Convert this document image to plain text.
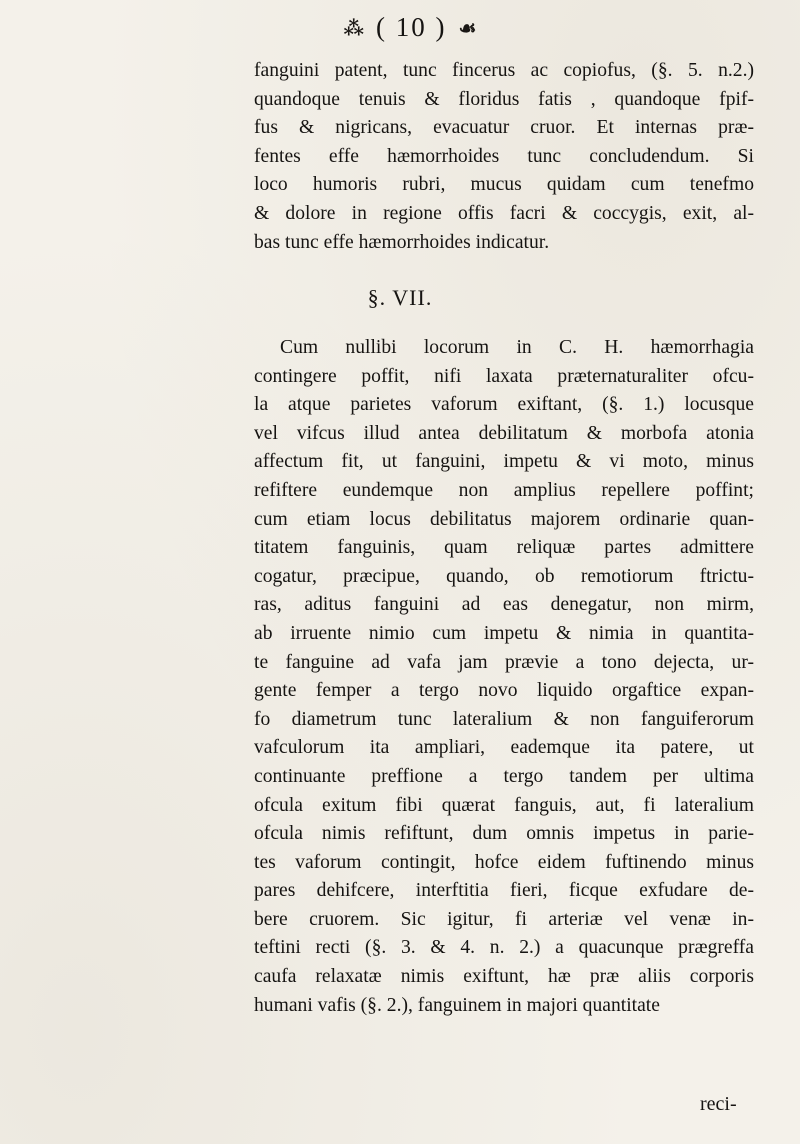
⁂ ( 10 ) ☙
fanguini patent, tunc fincerus ac copiofus, (§. 5. n.2.)
quandoque tenuis & floridus fatis , quandoque fpif-
fus & nigricans, evacuatur cruor. Et internas præ-
fentes effe hæmorrhoides tunc concludendum. Si
loco humoris rubri, mucus quidam cum tenefmo
& dolore in regione offis facri & coccygis, exit, al-
bas tunc effe hæmorrhoides indicatur.
§. VII.
Cum nullibi locorum in C. H. hæmorrhagia
contingere poffit, nifi laxata præternaturaliter ofcu-
la atque parietes vaforum exiftant, (§. 1.) locusque
vel vifcus illud antea debilitatum & morbofa atonia
affectum fit, ut fanguini, impetu & vi moto, minus
refiftere eundemque non amplius repellere poffint;
cum etiam locus debilitatus majorem ordinarie quan-
titatem fanguinis, quam reliquæ partes admittere
cogatur, præcipue, quando, ob remotiorum ftrictu-
ras, aditus fanguini ad eas denegatur, non mirm,
ab irruente nimio cum impetu & nimia in quantita-
te fanguine ad vafa jam prævie a tono dejecta, ur-
gente femper a tergo novo liquido orgaftice expan-
fo diametrum tunc lateralium & non fanguiferorum
vafculorum ita ampliari, eademque ita patere, ut
continuante preffione a tergo tandem per ultima
ofcula exitum fibi quærat fanguis, aut, fi lateralium
ofcula nimis refiftunt, dum omnis impetus in parie-
tes vaforum contingit, hofce eidem fuftinendo minus
pares dehifcere, interftitia fieri, ficque exfudare de-
bere cruorem. Sic igitur, fi arteriæ vel venæ in-
teftini recti (§. 3. & 4. n. 2.) a quacunque prægreffa
caufa relaxatæ nimis exiftunt, hæ præ aliis corporis
humani vafis (§. 2.), fanguinem in majori quantitate
reci-
